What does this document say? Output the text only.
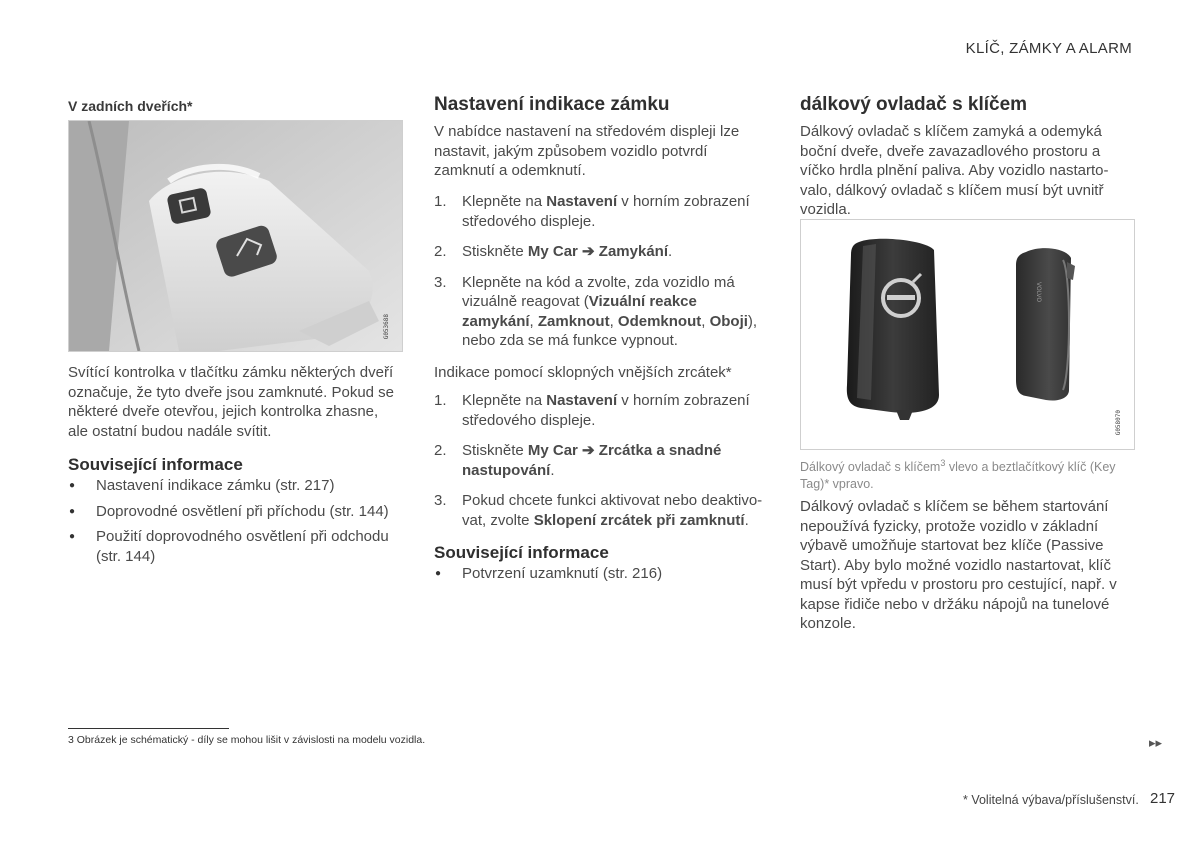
KLÍČ, ZÁMKY A ALARM
V zadních dveřích*
G053688
Svítící kontrolka v tlačítku zámku některých dveří označuje, že tyto dveře jsou zamknuté. Pokud se některé dveře otevřou, jejich kontrolka zhasne, ale ostatní budou nadále svítit.
Související informace
● Nastavení indikace zámku (str. 217)
● Doprovodné osvětlení při příchodu (str. 144)
● Použití doprovodného osvětlení při odchodu (str. 144)
Nastavení indikace zámku
V nabídce nastavení na středovém displeji lze nastavit, jakým způsobem vozidlo potvrdí zamknutí a odemknutí.
1. Klepněte na Nastavení v horním zobrazení středového displeje.
2. Stiskněte My Car ➔ Zamykání.
3. Klepněte na kód a zvolte, zda vozidlo má vizuálně reagovat (Vizuální reakce zamykání, Zamknout, Odemknout, Oboji), nebo zda se má funkce vypnout.
Indikace pomocí sklopných vnějších zrcátek*
1. Klepněte na Nastavení v horním zobrazení středového displeje.
2. Stiskněte My Car ➔ Zrcátka a snadné nastupování.
3. Pokud chcete funkci aktivovat nebo deaktivo-vat, zvolte Sklopení zrcátek při zamknutí.
Související informace
● Potvrzení uzamknutí (str. 216)
dálkový ovladač s klíčem
Dálkový ovladač s klíčem zamyká a odemyká boční dveře, dveře zavazadlového prostoru a víčko hrdla plnění paliva. Aby vozidlo nastarto-valo, dálkový ovladač s klíčem musí být uvnitř vozidla.
VOLVO
G058070
Dálkový ovladač s klíčem$^3$ vlevo a beztlačítkový klíč (Key Tag)* vpravo.
Dálkový ovladač s klíčem se během startování nepoužívá fyzicky, protože vozidlo v základní výbavě umožňuje startovat bez klíče (Passive Start). Aby bylo možné vozidlo nastartovat, klíč musí být vpředu v prostoru pro cestující, např. v kapse řidiče nebo v držáku nápojů na tunelové konzole.
3 Obrázek je schématický - díly se mohou lišit v závislosti na modelu vozidla.	▸▸
* Volitelná výbava/příslušenství. 217
